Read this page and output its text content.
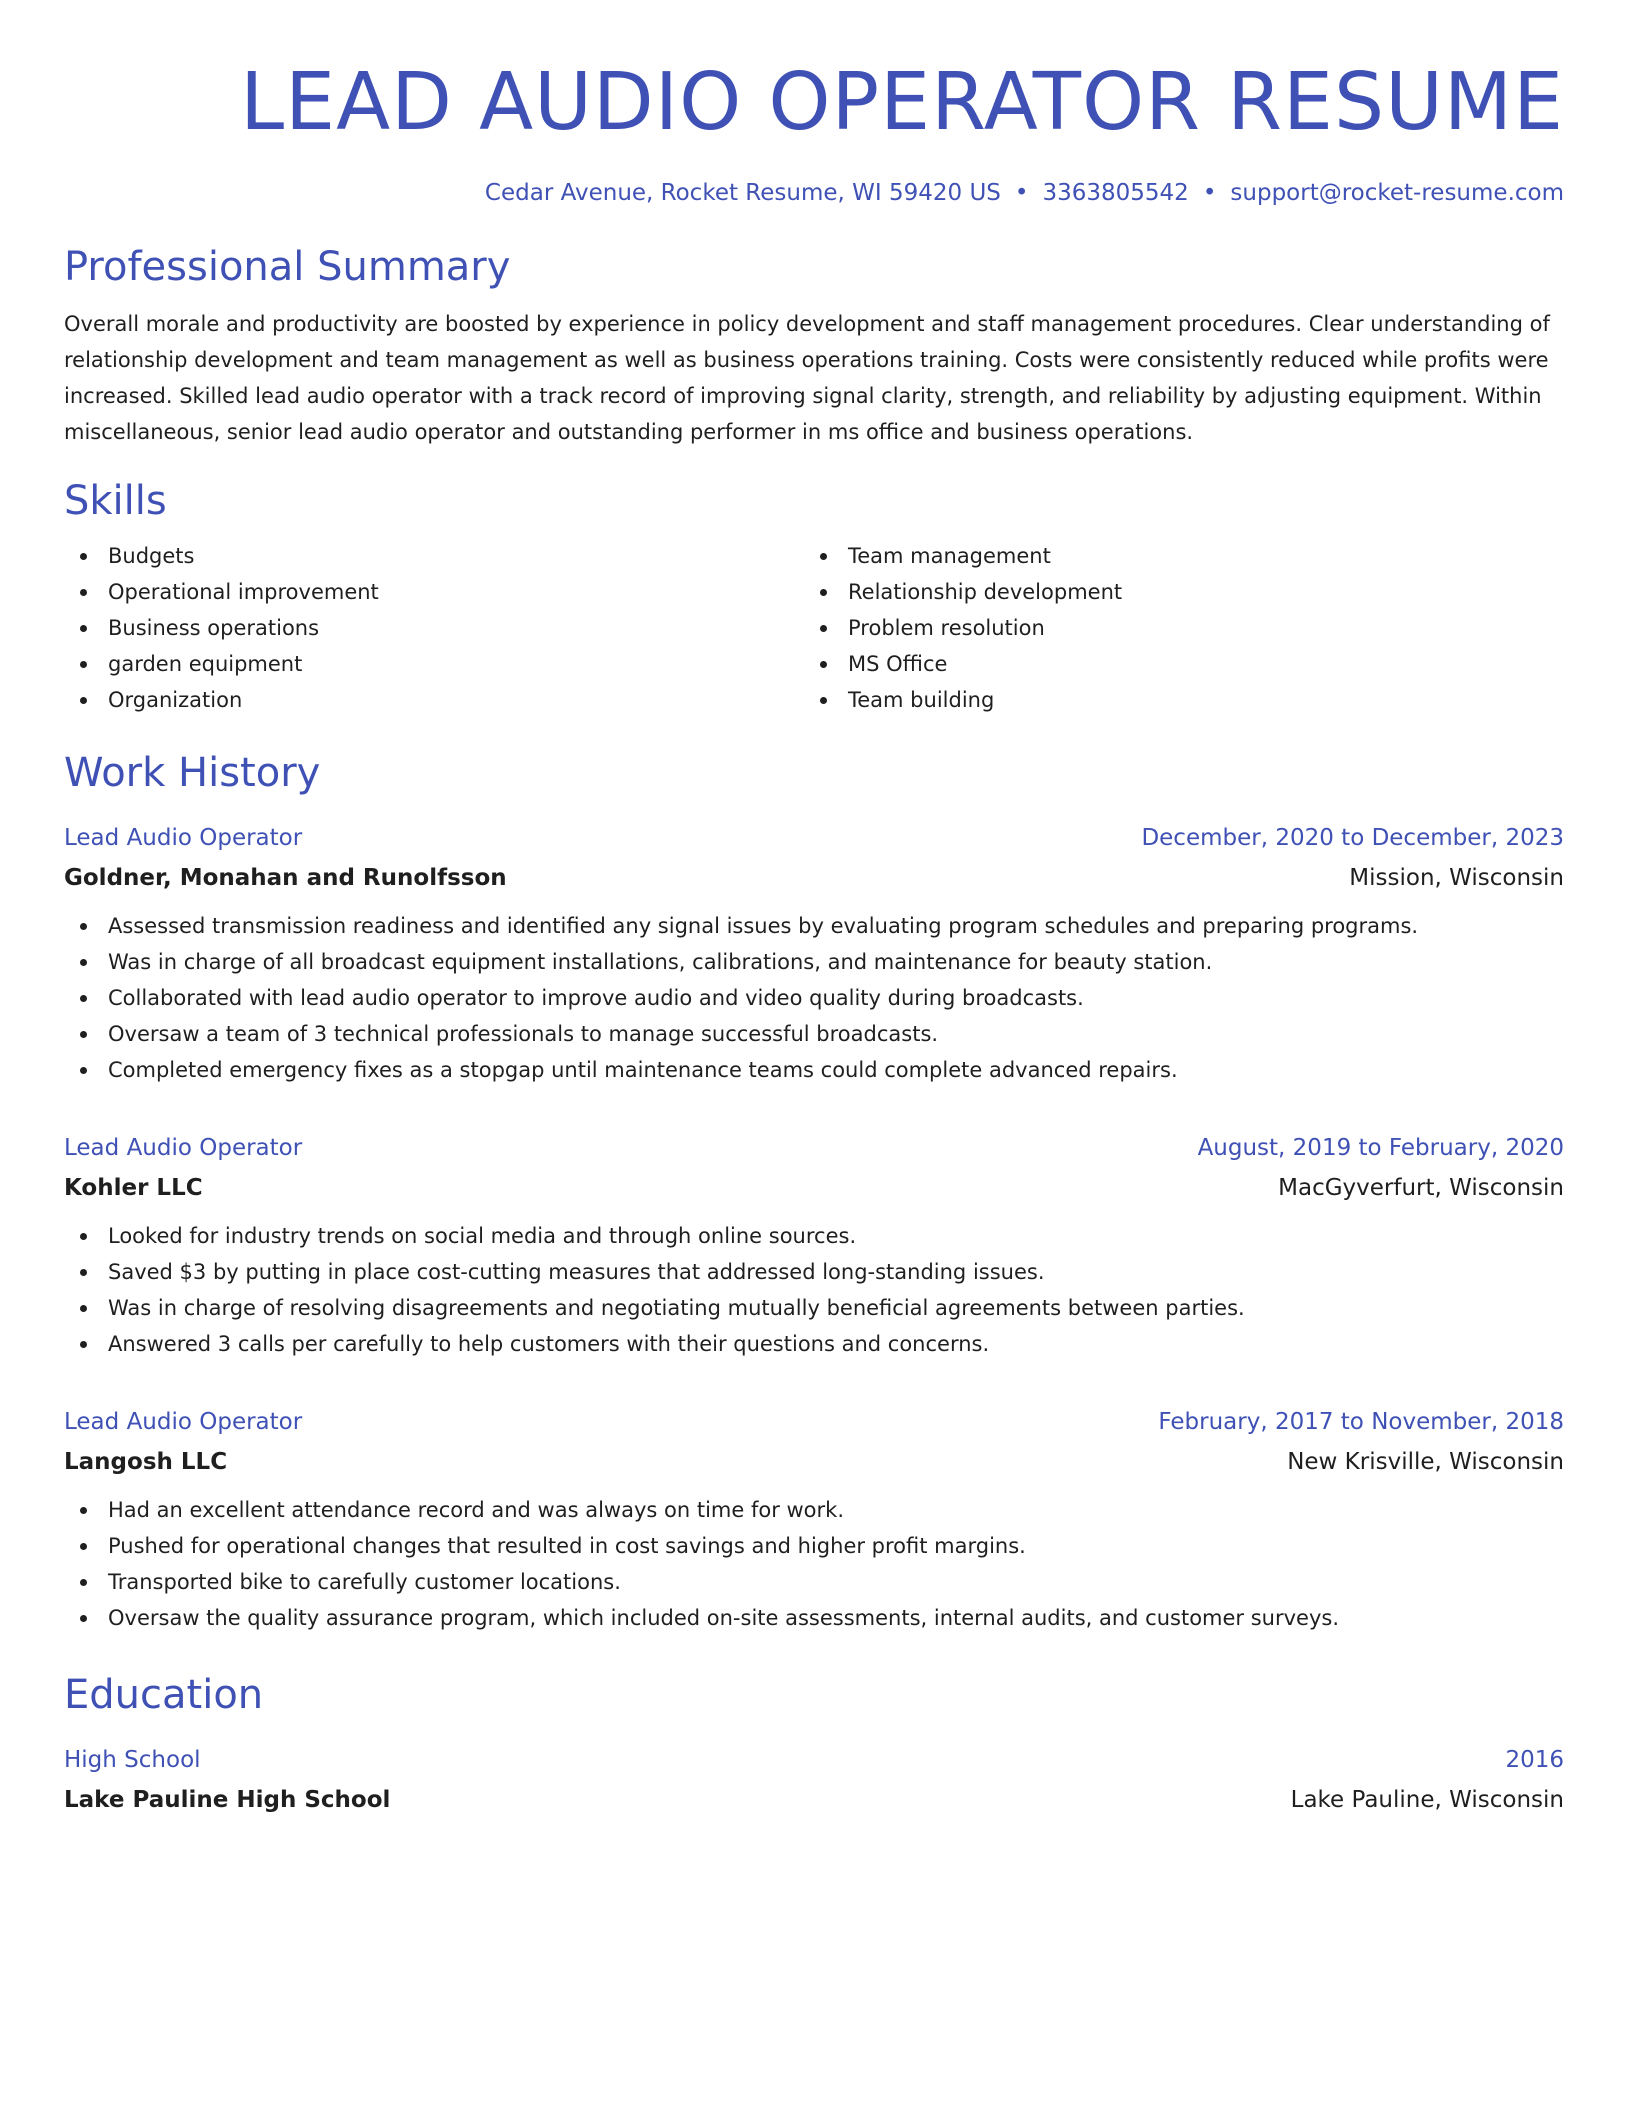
LEAD AUDIO OPERATOR RESUME
Cedar Avenue, Rocket Resume, WI 59420 US • 3363805542 • support@rocket-resume.com
Professional Summary
Overall morale and productivity are boosted by experience in policy development and staff management procedures. Clear understanding of relationship development and team management as well as business operations training. Costs were consistently reduced while profits were increased. Skilled lead audio operator with a track record of improving signal clarity, strength, and reliability by adjusting equipment. Within miscellaneous, senior lead audio operator and outstanding performer in ms office and business operations.
Skills
Budgets
Operational improvement
Business operations
garden equipment
Organization
Team management
Relationship development
Problem resolution
MS Office
Team building
Work History
Lead Audio Operator	December, 2020 to December, 2023
Goldner, Monahan and Runolfsson	Mission, Wisconsin
Assessed transmission readiness and identified any signal issues by evaluating program schedules and preparing programs.
Was in charge of all broadcast equipment installations, calibrations, and maintenance for beauty station.
Collaborated with lead audio operator to improve audio and video quality during broadcasts.
Oversaw a team of 3 technical professionals to manage successful broadcasts.
Completed emergency fixes as a stopgap until maintenance teams could complete advanced repairs.
Lead Audio Operator	August, 2019 to February, 2020
Kohler LLC	MacGyverfurt, Wisconsin
Looked for industry trends on social media and through online sources.
Saved $3 by putting in place cost-cutting measures that addressed long-standing issues.
Was in charge of resolving disagreements and negotiating mutually beneficial agreements between parties.
Answered 3 calls per carefully to help customers with their questions and concerns.
Lead Audio Operator	February, 2017 to November, 2018
Langosh LLC	New Krisville, Wisconsin
Had an excellent attendance record and was always on time for work.
Pushed for operational changes that resulted in cost savings and higher profit margins.
Transported bike to carefully customer locations.
Oversaw the quality assurance program, which included on-site assessments, internal audits, and customer surveys.
Education
High School	2016
Lake Pauline High School	Lake Pauline, Wisconsin
